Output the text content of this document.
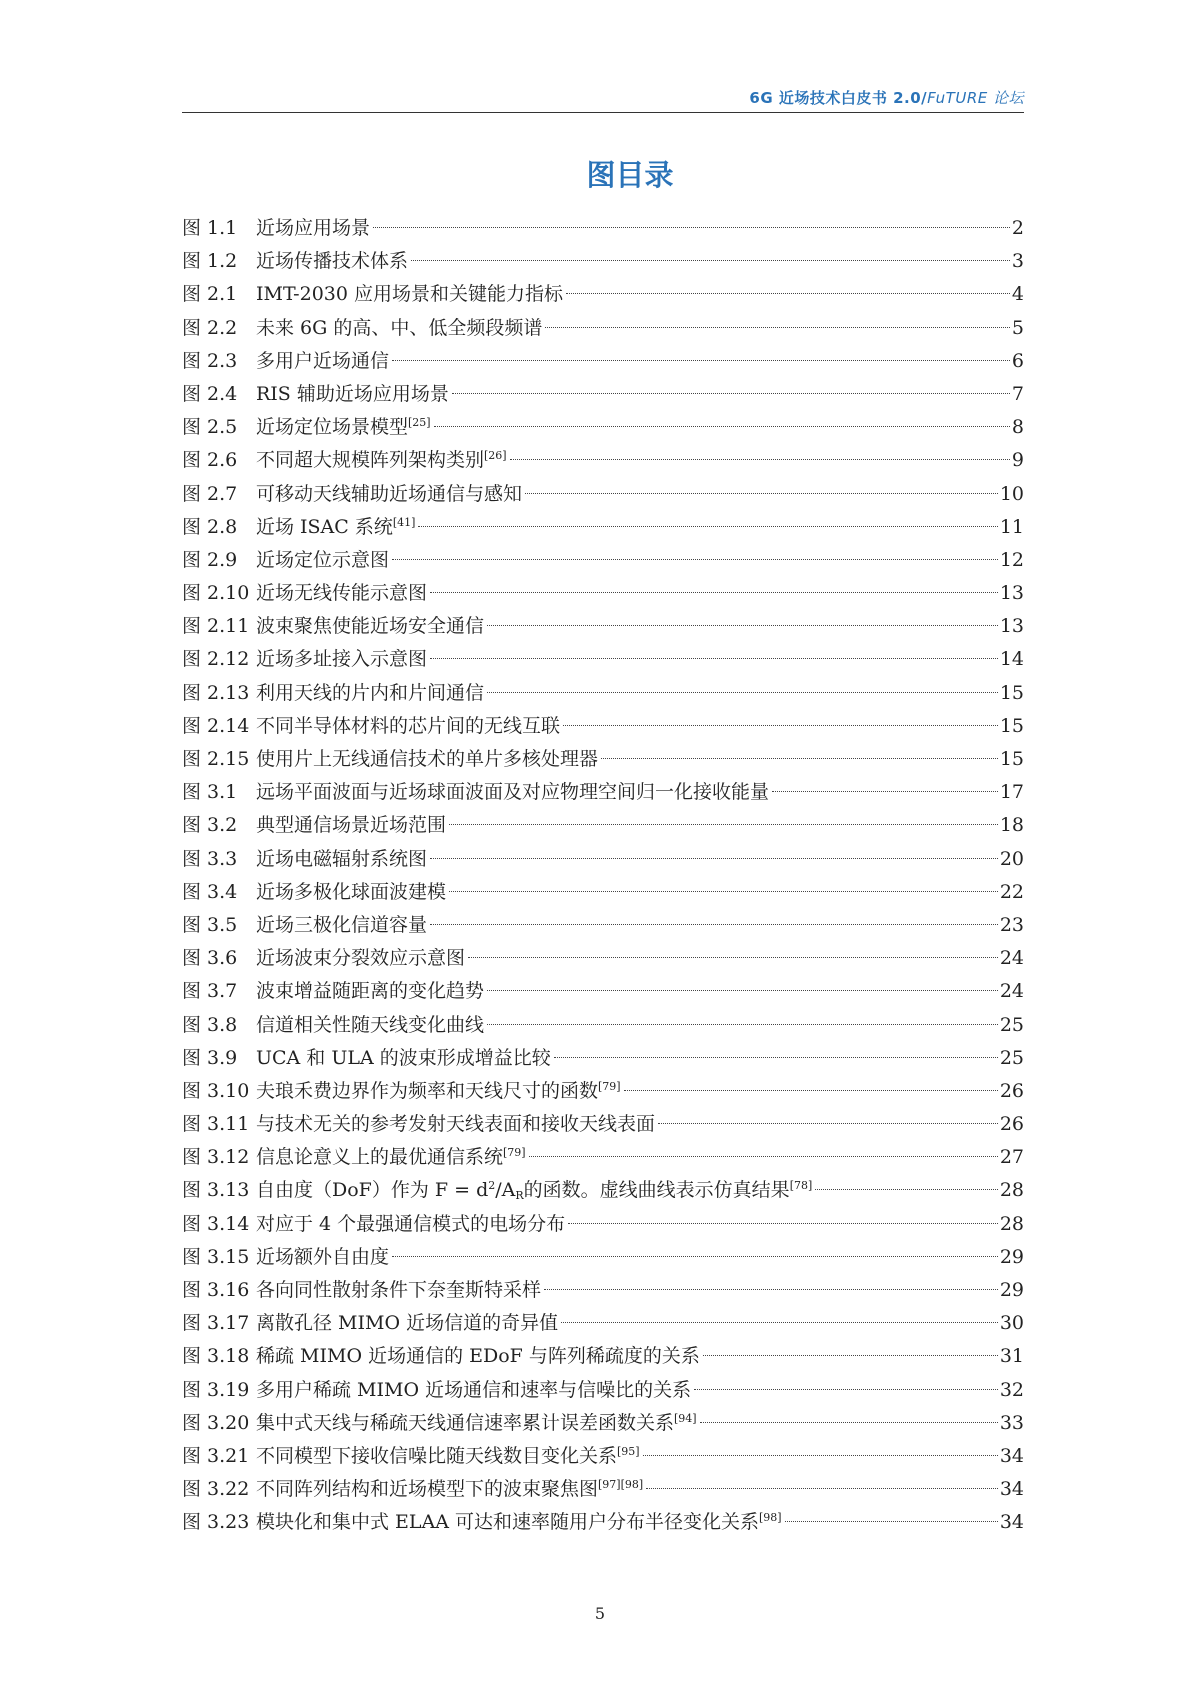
6G 近场技术白皮书 2.0/FuTURE 论坛
图目录
图 1.1 近场应用场景	2
图 1.2 近场传播技术体系	3
图 2.1 IMT-2030 应用场景和关键能力指标	4
图 2.2 未来 6G 的高、中、低全频段频谱	5
图 2.3 多用户近场通信	6
图 2.4 RIS 辅助近场应用场景	7
图 2.5 近场定位场景模型[25]	8
图 2.6 不同超大规模阵列架构类别[26]	9
图 2.7 可移动天线辅助近场通信与感知	10
图 2.8 近场 ISAC 系统[41]	11
图 2.9 近场定位示意图	12
图 2.10 近场无线传能示意图	13
图 2.11 波束聚焦使能近场安全通信	13
图 2.12 近场多址接入示意图	14
图 2.13 利用天线的片内和片间通信	15
图 2.14 不同半导体材料的芯片间的无线互联	15
图 2.15 使用片上无线通信技术的单片多核处理器	15
图 3.1 远场平面波面与近场球面波面及对应物理空间归一化接收能量	17
图 3.2 典型通信场景近场范围	18
图 3.3 近场电磁辐射系统图	20
图 3.4 近场多极化球面波建模	22
图 3.5 近场三极化信道容量	23
图 3.6 近场波束分裂效应示意图	24
图 3.7 波束增益随距离的变化趋势	24
图 3.8 信道相关性随天线变化曲线	25
图 3.9 UCA 和 ULA 的波束形成增益比较	25
图 3.10 夫琅禾费边界作为频率和天线尺寸的函数[79]	26
图 3.11 与技术无关的参考发射天线表面和接收天线表面	26
图 3.12 信息论意义上的最优通信系统[79]	27
图 3.13 自由度（DoF）作为 $F = d^2/A_R$的函数。虚线曲线表示仿真结果[78]	28
图 3.14 对应于 4 个最强通信模式的电场分布	28
图 3.15 近场额外自由度	29
图 3.16 各向同性散射条件下奈奎斯特采样	29
图 3.17 离散孔径 MIMO 近场信道的奇异值	30
图 3.18 稀疏 MIMO 近场通信的 EDoF 与阵列稀疏度的关系	31
图 3.19 多用户稀疏 MIMO 近场通信和速率与信噪比的关系	32
图 3.20 集中式天线与稀疏天线通信速率累计误差函数关系[94]	33
图 3.21 不同模型下接收信噪比随天线数目变化关系[95]	34
图 3.22 不同阵列结构和近场模型下的波束聚焦图[97][98]	34
图 3.23 模块化和集中式 ELAA 可达和速率随用户分布半径变化关系[98]	34
5
